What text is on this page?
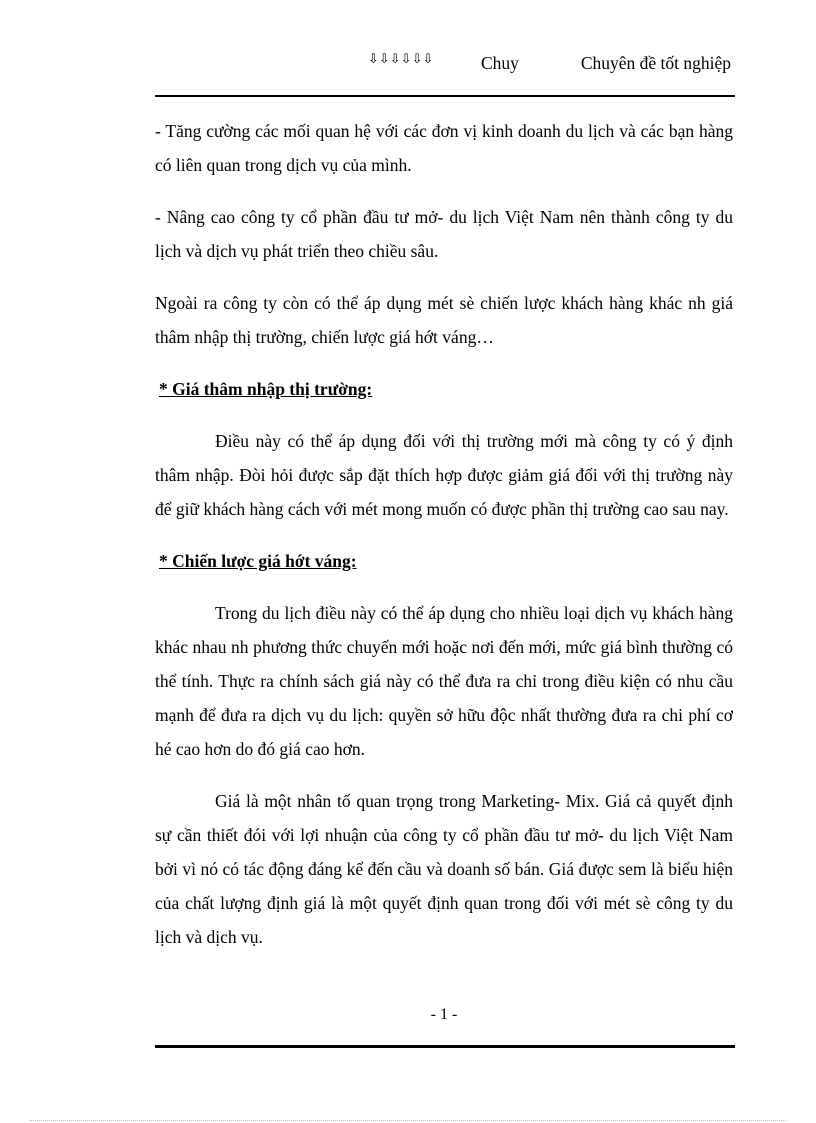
⇩⇩⇩⇩⇩⇩	Chuy	Chuyên đề tốt nghiệp

- Tăng cường các mối quan hệ với các đơn vị kinh doanh du lịch và các bạn hàng có liên quan trong dịch vụ của mình.

- Nâng cao công ty cổ phần đầu tư mở- du lịch Việt Nam nên thành công ty du lịch và dịch vụ phát triển theo chiều sâu.

Ngoài ra công ty còn có thể áp dụng mét sè chiến lược khách hàng khác nh giá thâm nhập thị trường, chiến lược giá hớt váng…

* Giá thâm nhập thị trường:

Điều này có thể áp dụng đối với thị trường mới mà công ty có ý định thâm nhập. Đòi hỏi được sắp đặt thích hợp được giảm giá đối với thị trường này để giữ khách hàng cách với mét mong muốn có được phần thị trường cao sau nay.

* Chiến lược giá hớt váng:

Trong du lịch điều này có thể áp dụng cho nhiều loại dịch vụ khách hàng khác nhau nh phương thức chuyến mới hoặc nơi đến mới, mức giá bình thường có thể tính. Thực ra chính sách giá này có thể đưa ra chỉ trong điều kiện có nhu cầu mạnh để đưa ra dịch vụ du lịch: quyền sở hữu độc nhất thường đưa ra chi phí cơ hé cao hơn do đó giá cao hơn.

Giá là một nhân tố quan trọng trong Marketing- Mix. Giá cả quyết định sự cần thiết đói với lợi nhuận của công ty cổ phần đầu tư mở- du lịch Việt Nam bởi vì nó có tác động đáng kể đến cầu và doanh số bán. Giá được sem là biểu hiện của chất lượng định giá là một quyết định quan trong đối với mét sè công ty du lịch và dịch vụ.

- 1 -
